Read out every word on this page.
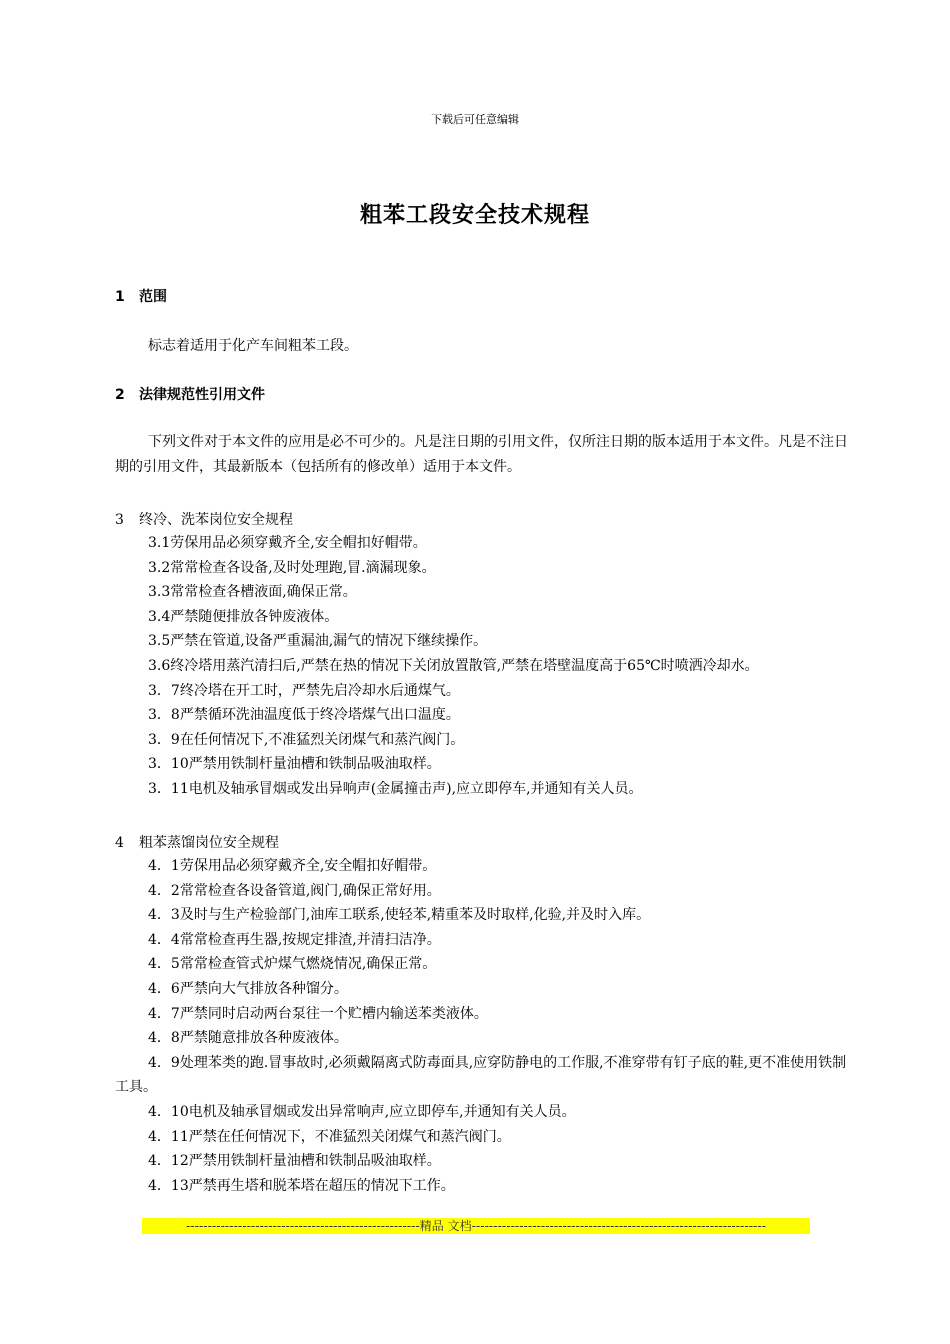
下载后可任意编辑
粗苯工段安全技术规程
1 范围
标志着适用于化产车间粗苯工段。
2 法律规范性引用文件
下列文件对于本文件的应用是必不可少的。凡是注日期的引用文件，仅所注日期的版本适用于本文件。凡是不注日期的引用文件，其最新版本（包括所有的修改单）适用于本文件。
3 终冷、洗苯岗位安全规程

3.1劳保用品必须穿戴齐全,安全帽扣好帽带。

3.2常常检查各设备,及时处理跑,冒.滴漏现象。

3.3常常检查各槽液面,确保正常。

3.4严禁随便排放各钟废液体。

3.5严禁在管道,设备严重漏油,漏气的情况下继续操作。

3.6终冷塔用蒸汽清扫后,严禁在热的情况下关闭放置散管,严禁在塔壁温度高于65℃时喷洒冷却水。

3．7终冷塔在开工时，严禁先启冷却水后通煤气。

3．8严禁循环洗油温度低于终冷塔煤气出口温度。

3．9在任何情况下,不准猛烈关闭煤气和蒸汽阀门。

3．10严禁用铁制杆量油槽和铁制品吸油取样。

3．11电机及轴承冒烟或发出异响声(金属撞击声),应立即停车,并通知有关人员。

4 粗苯蒸馏岗位安全规程

4．1劳保用品必须穿戴齐全,安全帽扣好帽带。

4．2常常检查各设备管道,阀门,确保正常好用。

4．3及时与生产检验部门,油库工联系,使轻苯,精重苯及时取样,化验,并及时入库。

4．4常常检查再生器,按规定排渣,并清扫洁净。

4．5常常检查管式炉煤气燃烧情况,确保正常。

4．6严禁向大气排放各种馏分。

4．7严禁同时启动两台泵往一个贮槽内输送苯类液体。

4．8严禁随意排放各种废液体。

4．9处理苯类的跑.冒事故时,必须戴隔离式防毒面具,应穿防静电的工作服,不准穿带有钉子底的鞋,更不准使用铁制工具。

4．10电机及轴承冒烟或发出异常响声,应立即停车,并通知有关人员。

4．11严禁在任何情况下，不准猛烈关闭煤气和蒸汽阀门。

4．12严禁用铁制杆量油槽和铁制品吸油取样。

4．13严禁再生塔和脱苯塔在超压的情况下工作。

------------------------------------------------------精品 文档--------------------------------------------------------------------
